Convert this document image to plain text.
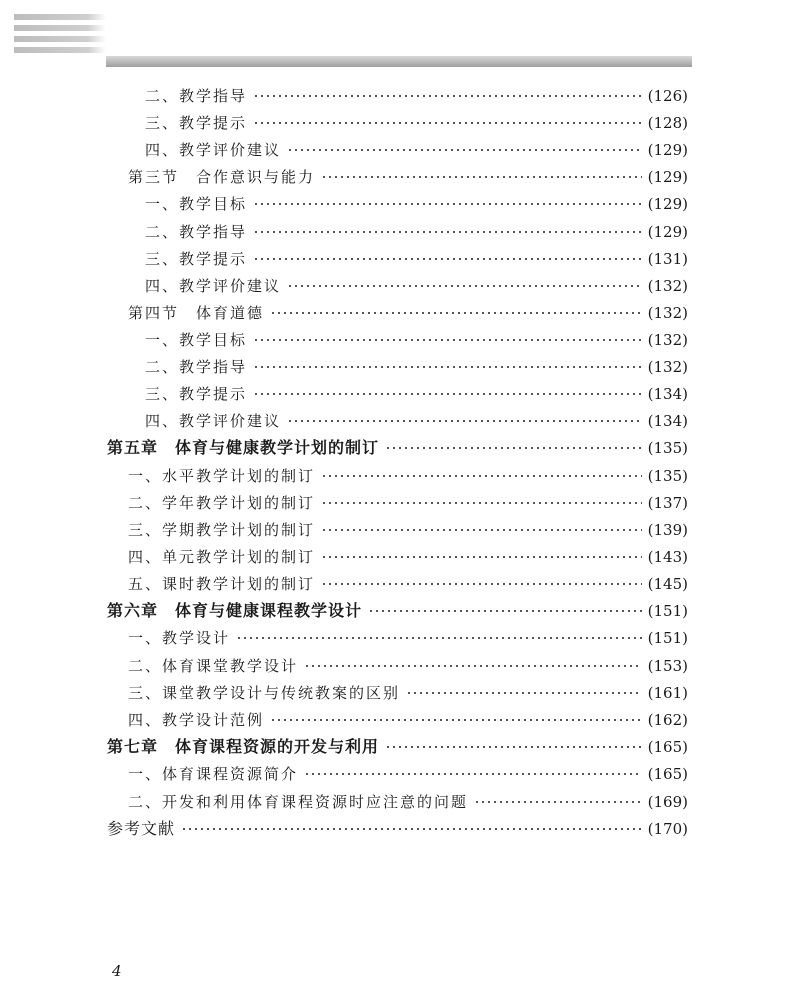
二、教学指导	(126)
三、教学提示	(128)
四、教学评价建议	(129)
第三节　合作意识与能力	(129)
一、教学目标	(129)
二、教学指导	(129)
三、教学提示	(131)
四、教学评价建议	(132)
第四节　体育道德	(132)
一、教学目标	(132)
二、教学指导	(132)
三、教学提示	(134)
四、教学评价建议	(134)
第五章　体育与健康教学计划的制订	(135)
一、水平教学计划的制订	(135)
二、学年教学计划的制订	(137)
三、学期教学计划的制订	(139)
四、单元教学计划的制订	(143)
五、课时教学计划的制订	(145)
第六章　体育与健康课程教学设计	(151)
一、教学设计	(151)
二、体育课堂教学设计	(153)
三、课堂教学设计与传统教案的区别	(161)
四、教学设计范例	(162)
第七章　体育课程资源的开发与利用	(165)
一、体育课程资源简介	(165)
二、开发和利用体育课程资源时应注意的问题	(169)
参考文献	(170)
4
